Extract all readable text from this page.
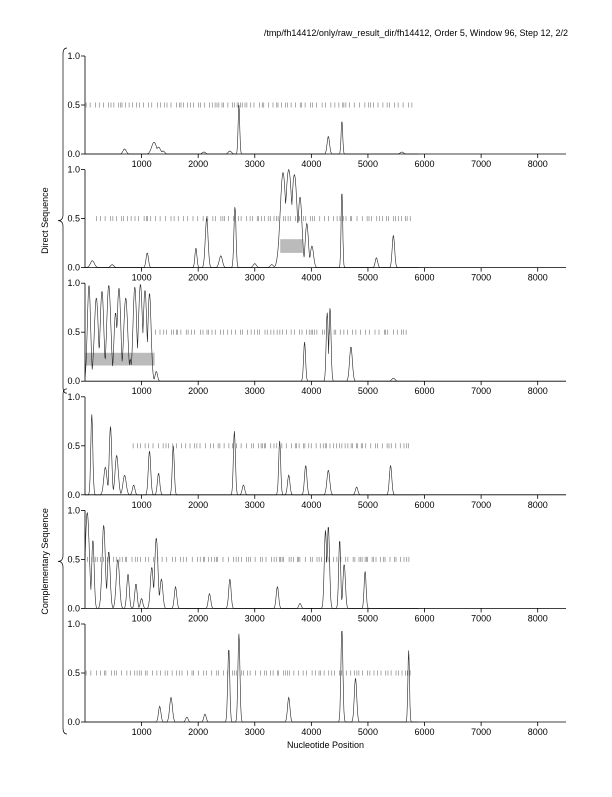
/tmp/fh14412/only/raw_result_dir/fh14412, Order 5, Window 96, Step 12, 2/2
Nucleotide Position
0.0
0.5
1.0
1000	2000	3000	4000	5000	6000	7000	8000
0.0
0.5
1.0
1000	2000	3000	4000	5000	6000	7000	8000
0.0
0.5
1.0
1000	2000	3000	4000	5000	6000	7000	8000
0.0
0.5
1.0
1000	2000	3000	4000	5000	6000	7000	8000
0.0
0.5
1.0
1000	2000	3000	4000	5000	6000	7000	8000
0.0
0.5
1.0
1000	2000	3000	4000	5000	6000	7000	8000
Direct Sequence
Complementary Sequence
